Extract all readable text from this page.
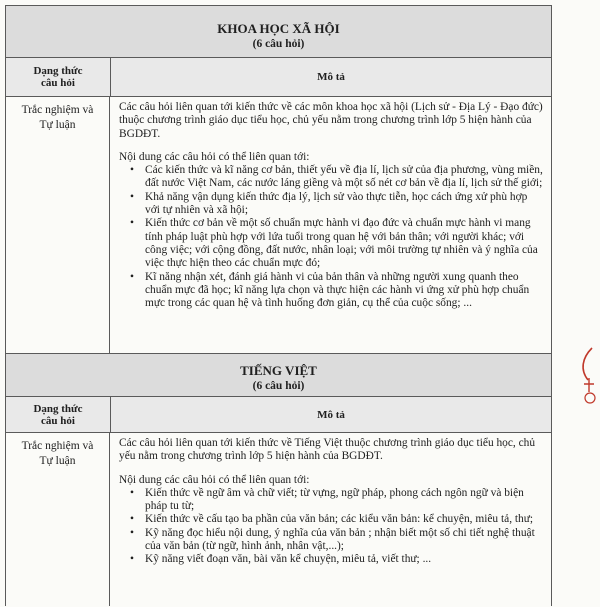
KHOA HỌC XÃ HỘI
(6 câu hỏi)
Dạng thức
câu hỏi	Mô tả
Trắc nghiệm và
Tự luận

Các câu hỏi liên quan tới kiến thức về các môn khoa học xã hội (Lịch sử - Địa Lý - Đạo đức) thuộc chương trình giáo dục tiểu học, chủ yếu nằm trong chương trình lớp 5 hiện hành của BGDĐT.

Nội dung các câu hỏi có thể liên quan tới:

• Các kiến thức và kĩ năng cơ bản, thiết yếu về địa lí, lịch sử của địa phương, vùng miền, đất nước Việt Nam, các nước láng giềng và một số nét cơ bản về địa lí, lịch sử thế giới;
• Khả năng vận dụng kiến thức địa lý, lịch sử vào thực tiễn, học cách ứng xử phù hợp với tự nhiên và xã hội;
• Kiến thức cơ bản về một số chuẩn mực hành vi đạo đức và chuẩn mực hành vi mang tính pháp luật phù hợp với lứa tuổi trong quan hệ với bản thân; với người khác; với công việc; với cộng đồng, đất nước, nhân loại; với môi trường tự nhiên và ý nghĩa của việc thực hiện theo các chuẩn mực đó;
• Kĩ năng nhận xét, đánh giá hành vi của bản thân và những người xung quanh theo chuẩn mực đã học; kĩ năng lựa chọn và thực hiện các hành vi ứng xử phù hợp chuẩn mực trong các quan hệ và tình huống đơn giản, cụ thể của cuộc sống; ...
TIẾNG VIỆT
(6 câu hỏi)
Dạng thức
câu hỏi	Mô tả
Trắc nghiệm và
Tự luận

Các câu hỏi liên quan tới kiến thức về Tiếng Việt thuộc chương trình giáo dục tiểu học, chủ yếu nằm trong chương trình lớp 5 hiện hành của BGDĐT.

Nội dung các câu hỏi có thể liên quan tới:

• Kiến thức về ngữ âm và chữ viết; từ vựng, ngữ pháp, phong cách ngôn ngữ và biện pháp tu từ;
• Kiến thức về cấu tạo ba phần của văn bản; các kiểu văn bản: kể chuyện, miêu tả, thư;
• Kỹ năng đọc hiểu nội dung, ý nghĩa của văn bản ; nhận biết một số chi tiết nghệ thuật của văn bản (từ ngữ, hình ảnh, nhân vật,...);
• Kỹ năng viết đoạn văn, bài văn kể chuyện, miêu tả, viết thư; ...
